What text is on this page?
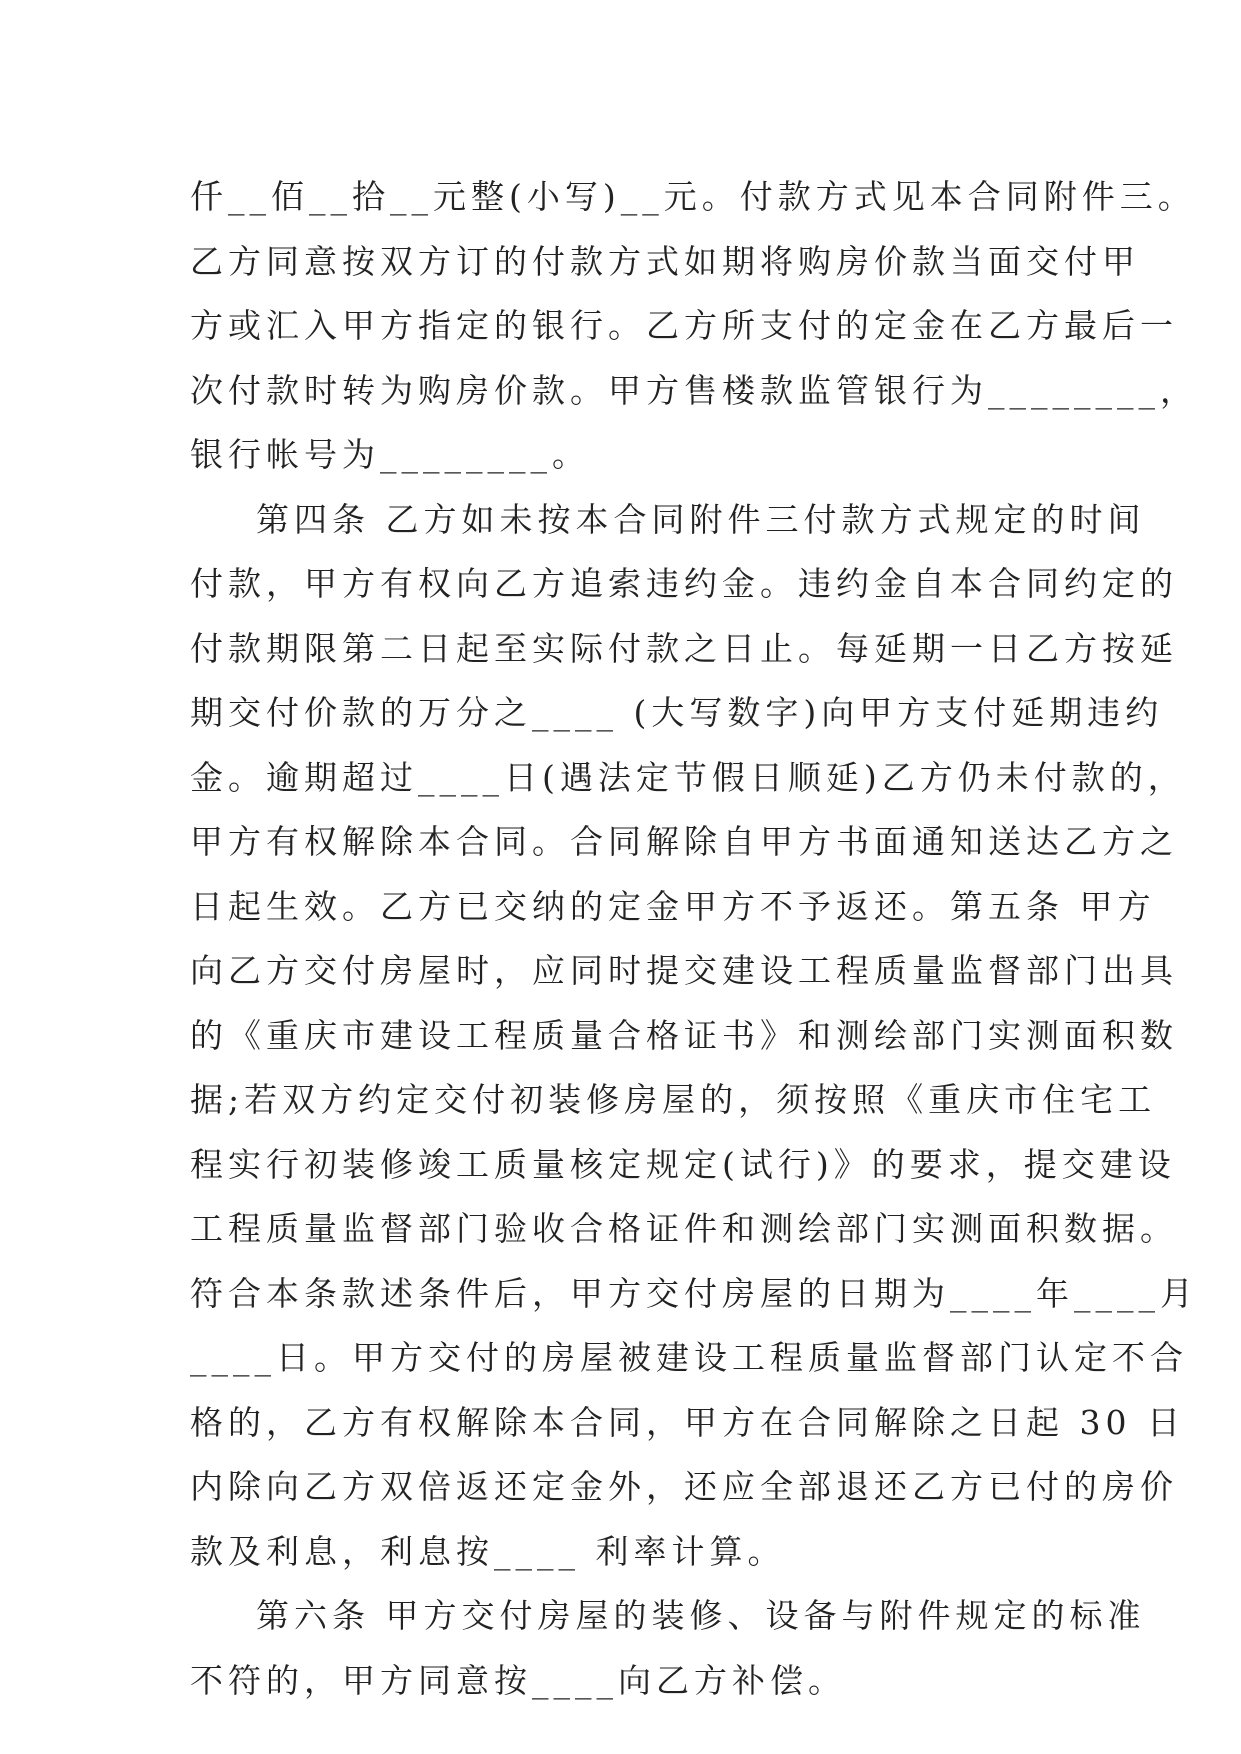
仟__佰__拾__元整(小写)__元。付款方式见本合同附件三。
乙方同意按双方订的付款方式如期将购房价款当面交付甲
方或汇入甲方指定的银行。乙方所支付的定金在乙方最后一
次付款时转为购房价款。甲方售楼款监管银行为________，
银行帐号为________。
第四条 乙方如未按本合同附件三付款方式规定的时间
付款，甲方有权向乙方追索违约金。违约金自本合同约定的
付款期限第二日起至实际付款之日止。每延期一日乙方按延
期交付价款的万分之____ (大写数字)向甲方支付延期违约
金。逾期超过____日(遇法定节假日顺延)乙方仍未付款的，
甲方有权解除本合同。合同解除自甲方书面通知送达乙方之
日起生效。乙方已交纳的定金甲方不予返还。第五条 甲方
向乙方交付房屋时，应同时提交建设工程质量监督部门出具
的《重庆市建设工程质量合格证书》和测绘部门实测面积数
据;若双方约定交付初装修房屋的，须按照《重庆市住宅工
程实行初装修竣工质量核定规定(试行)》的要求，提交建设
工程质量监督部门验收合格证件和测绘部门实测面积数据。
符合本条款述条件后，甲方交付房屋的日期为____年____月
____日。甲方交付的房屋被建设工程质量监督部门认定不合
格的，乙方有权解除本合同，甲方在合同解除之日起 30 日
内除向乙方双倍返还定金外，还应全部退还乙方已付的房价
款及利息，利息按____ 利率计算。
第六条 甲方交付房屋的装修、设备与附件规定的标准
不符的，甲方同意按____向乙方补偿。
